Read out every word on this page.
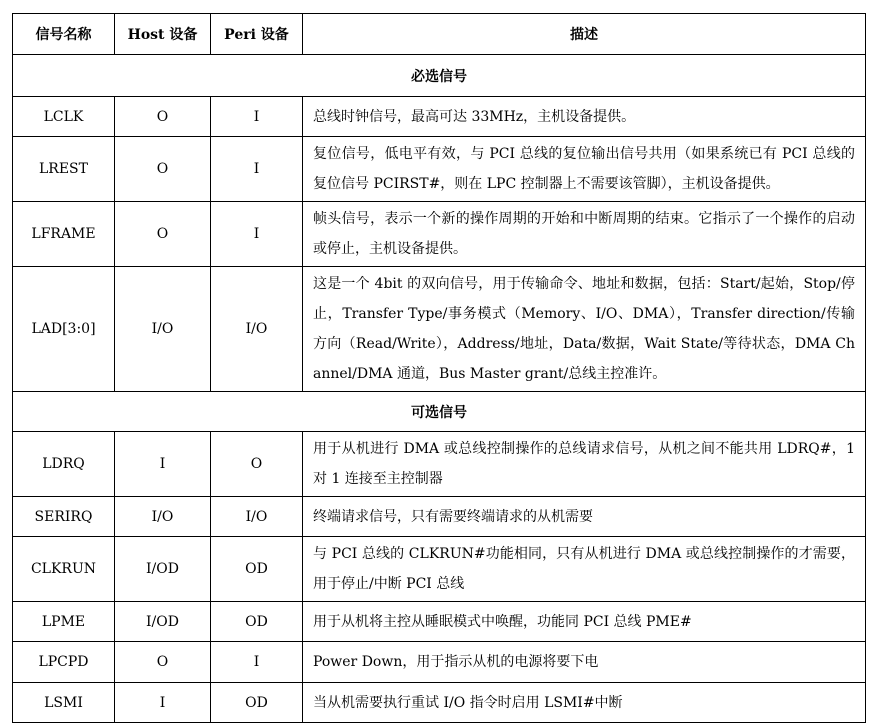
信号名称	Host 设备	Peri 设备	描述
必选信号			
LCLK	O	I	总线时钟信号，最高可达 33MHz，主机设备提供。
LREST	O	I	复位信号，低电平有效，与 PCI 总线的复位输出信号共用（如果系统已有 PCI 总线的复位信号 PCIRST#，则在 LPC 控制器上不需要该管脚），主机设备提供。
LFRAME	O	I	帧头信号，表示一个新的操作周期的开始和中断周期的结束。它指示了一个操作的启动或停止，主机设备提供。
LAD[3:0]	I/O	I/O	这是一个 4bit 的双向信号，用于传输命令、地址和数据，包括：Start/起始，Stop/停止，Transfer Type/事务模式（Memory、I/O、DMA），Transfer direction/传输方向（Read/Write），Address/地址，Data/数据，Wait State/等待状态，DMA Channel/DMA 通道，Bus Master grant/总线主控准许。
可选信号			
LDRQ	I	O	用于从机进行 DMA 或总线控制操作的总线请求信号，从机之间不能共用 LDRQ#，1 对 1 连接至主控制器
SERIRQ	I/O	I/O	终端请求信号，只有需要终端请求的从机需要
CLKRUN	I/OD	OD	与 PCI 总线的 CLKRUN#功能相同，只有从机进行 DMA 或总线控制操作的才需要，用于停止/中断 PCI 总线
LPME	I/OD	OD	用于从机将主控从睡眠模式中唤醒，功能同 PCI 总线 PME#
LPCPD	O	I	Power Down，用于指示从机的电源将要下电
LSMI	I	OD	当从机需要执行重试 I/O 指令时启用 LSMI#中断
